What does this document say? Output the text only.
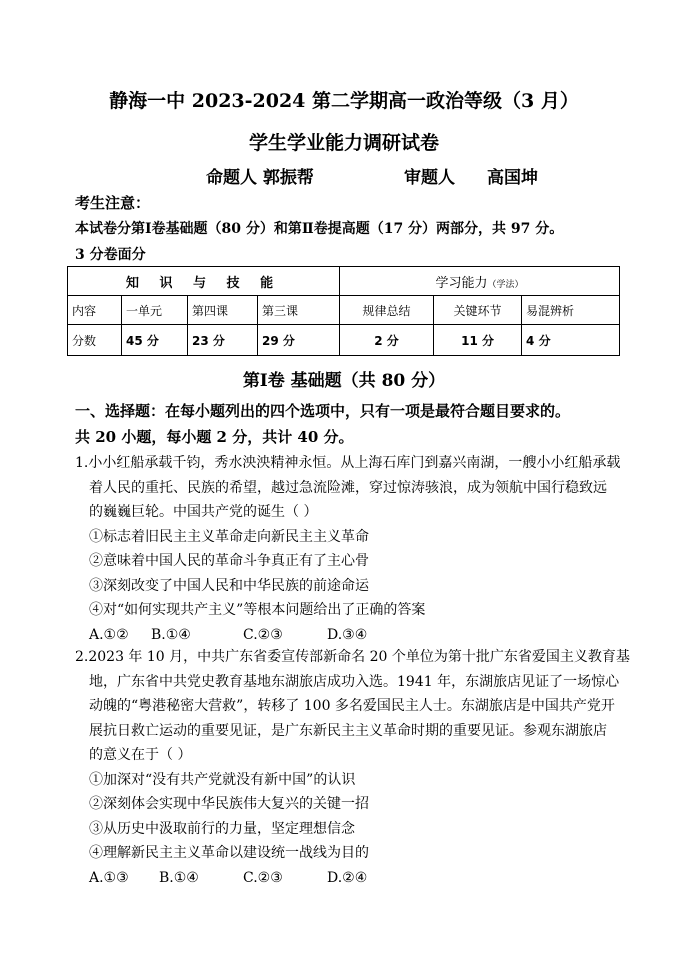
静海一中 2023-2024 第二学期高一政治等级（3 月）
学生学业能力调研试卷
命题人 郭振帮	审题人 高国坤
考生注意：
本试卷分第Ⅰ卷基础题（80 分）和第Ⅱ卷提高题（17 分）两部分，共 97 分。
3 分卷面分
知 识 与 技 能				学习能力（学法）		
内容	一单元	第四课	第三课	规律总结	关键环节	易混辨析
分数	45 分	23 分	29 分	2 分	11 分	4 分
第Ⅰ卷 基础题（共 80 分）
一、选择题：在每小题列出的四个选项中，只有一项是最符合题目要求的。
共 20 小题，每小题 2 分，共计 40 分。
1.小小红船承载千钧，秀水泱泱精神永恒。从上海石库门到嘉兴南湖，一艘小小红船承载
着人民的重托、民族的希望，越过急流险滩，穿过惊涛骇浪，成为领航中国行稳致远
的巍巍巨轮。中国共产党的诞生（ ）
①标志着旧民主主义革命走向新民主主义革命
②意味着中国人民的革命斗争真正有了主心骨
③深刻改变了中国人民和中华民族的前途命运
④对“如何实现共产主义”等根本问题给出了正确的答案
A.①② B.①④	C.②③	D.③④
2.2023 年 10 月，中共广东省委宣传部新命名 20 个单位为第十批广东省爱国主义教育基
地，广东省中共党史教育基地东湖旅店成功入选。1941 年，东湖旅店见证了一场惊心
动魄的“粤港秘密大营救”，转移了 100 多名爱国民主人士。东湖旅店是中国共产党开
展抗日救亡运动的重要见证，是广东新民主主义革命时期的重要见证。参观东湖旅店
的意义在于（ ）
①加深对“没有共产党就没有新中国”的认识
②深刻体会实现中华民族伟大复兴的关键一招
③从历史中汲取前行的力量，坚定理想信念
④理解新民主主义革命以建设统一战线为目的
A.①③ B.①④	C.②③	D.②④
